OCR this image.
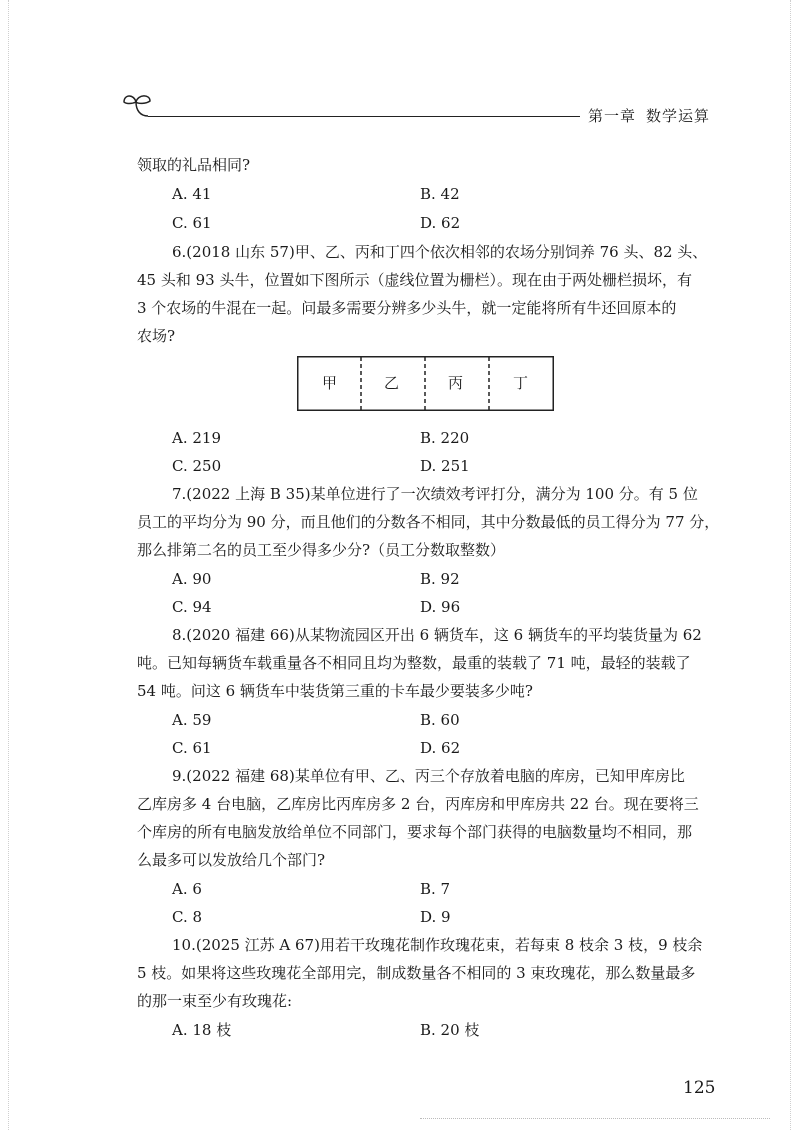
第一章 数学运算
领取的礼品相同?
A. 41	B. 42
C. 61	D. 62
6.(2018 山东 57)甲、乙、丙和丁四个依次相邻的农场分别饲养 76 头、82 头、
45 头和 93 头牛，位置如下图所示（虚线位置为栅栏）。现在由于两处栅栏损坏，有
3 个农场的牛混在一起。问最多需要分辨多少头牛，就一定能将所有牛还回原本的
农场?
甲	乙	丙	丁
A. 219	B. 220
C. 250	D. 251
7.(2022 上海 B 35)某单位进行了一次绩效考评打分，满分为 100 分。有 5 位
员工的平均分为 90 分，而且他们的分数各不相同，其中分数最低的员工得分为 77 分，
那么排第二名的员工至少得多少分?（员工分数取整数）
A. 90	B. 92
C. 94	D. 96
8.(2020 福建 66)从某物流园区开出 6 辆货车，这 6 辆货车的平均装货量为 62
吨。已知每辆货车载重量各不相同且均为整数，最重的装载了 71 吨，最轻的装载了
54 吨。问这 6 辆货车中装货第三重的卡车最少要装多少吨?
A. 59	B. 60
C. 61	D. 62
9.(2022 福建 68)某单位有甲、乙、丙三个存放着电脑的库房，已知甲库房比
乙库房多 4 台电脑，乙库房比丙库房多 2 台，丙库房和甲库房共 22 台。现在要将三
个库房的所有电脑发放给单位不同部门，要求每个部门获得的电脑数量均不相同，那
么最多可以发放给几个部门?
A. 6	B. 7
C. 8	D. 9
10.(2025 江苏 A 67)用若干玫瑰花制作玫瑰花束，若每束 8 枝余 3 枝，9 枝余
5 枝。如果将这些玫瑰花全部用完，制成数量各不相同的 3 束玫瑰花，那么数量最多
的那一束至少有玫瑰花:
A. 18 枝	B. 20 枝
125
